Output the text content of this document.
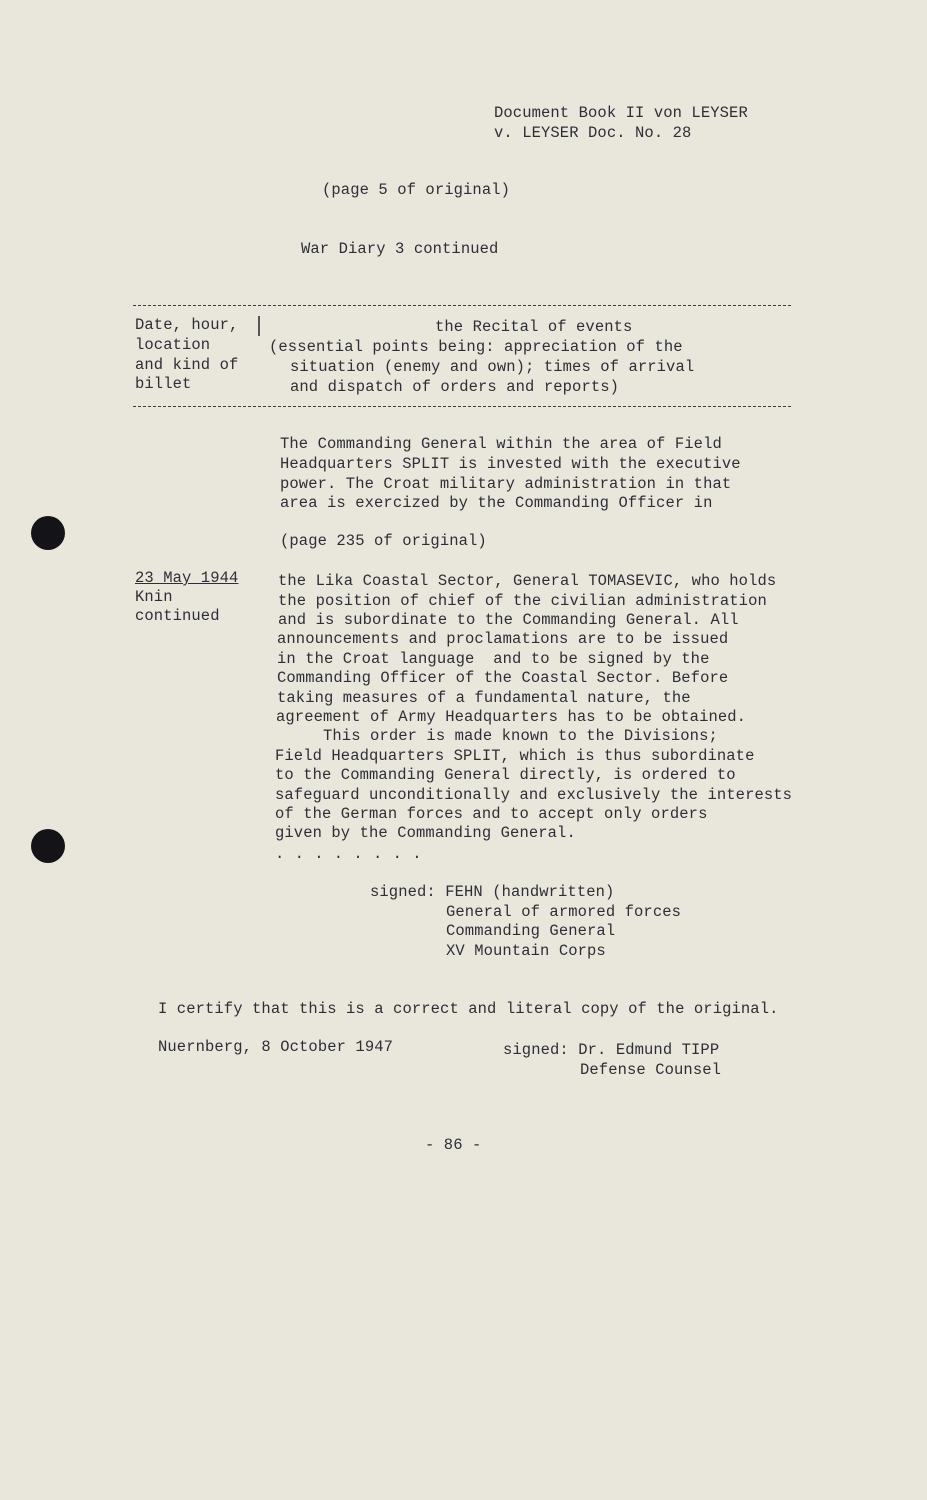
Document Book II von LEYSER
v. LEYSER Doc. No. 28
(page 5 of original)
War Diary 3 continued
Date, hour,
location
and kind of
billet
the Recital of events
(essential points being: appreciation of the
situation (enemy and own); times of arrival
and dispatch of orders and reports)
The Commanding General within the area of Field
Headquarters SPLIT is invested with the executive
power. The Croat military administration in that
area is exercized by the Commanding Officer in
(page 235 of original)
23 May 1944
Knin
continued
the Lika Coastal Sector, General TOMASEVIC, who holds
the position of chief of the civilian administration
and is subordinate to the Commanding General. All
announcements and proclamations are to be issued
in the Croat language  and to be signed by the
Commanding Officer of the Coastal Sector. Before
taking measures of a fundamental nature, the
agreement of Army Headquarters has to be obtained.
This order is made known to the Divisions;
Field Headquarters SPLIT, which is thus subordinate
to the Commanding General directly, is ordered to
safeguard unconditionally and exclusively the interests
of the German forces and to accept only orders
given by the Commanding General.
. . . . . . . .
signed: FEHN (handwritten)
General of armored forces
Commanding General
XV Mountain Corps
I certify that this is a correct and literal copy of the original.
Nuernberg, 8 October 1947	signed: Dr. Edmund TIPP
Defense Counsel
- 86 -
